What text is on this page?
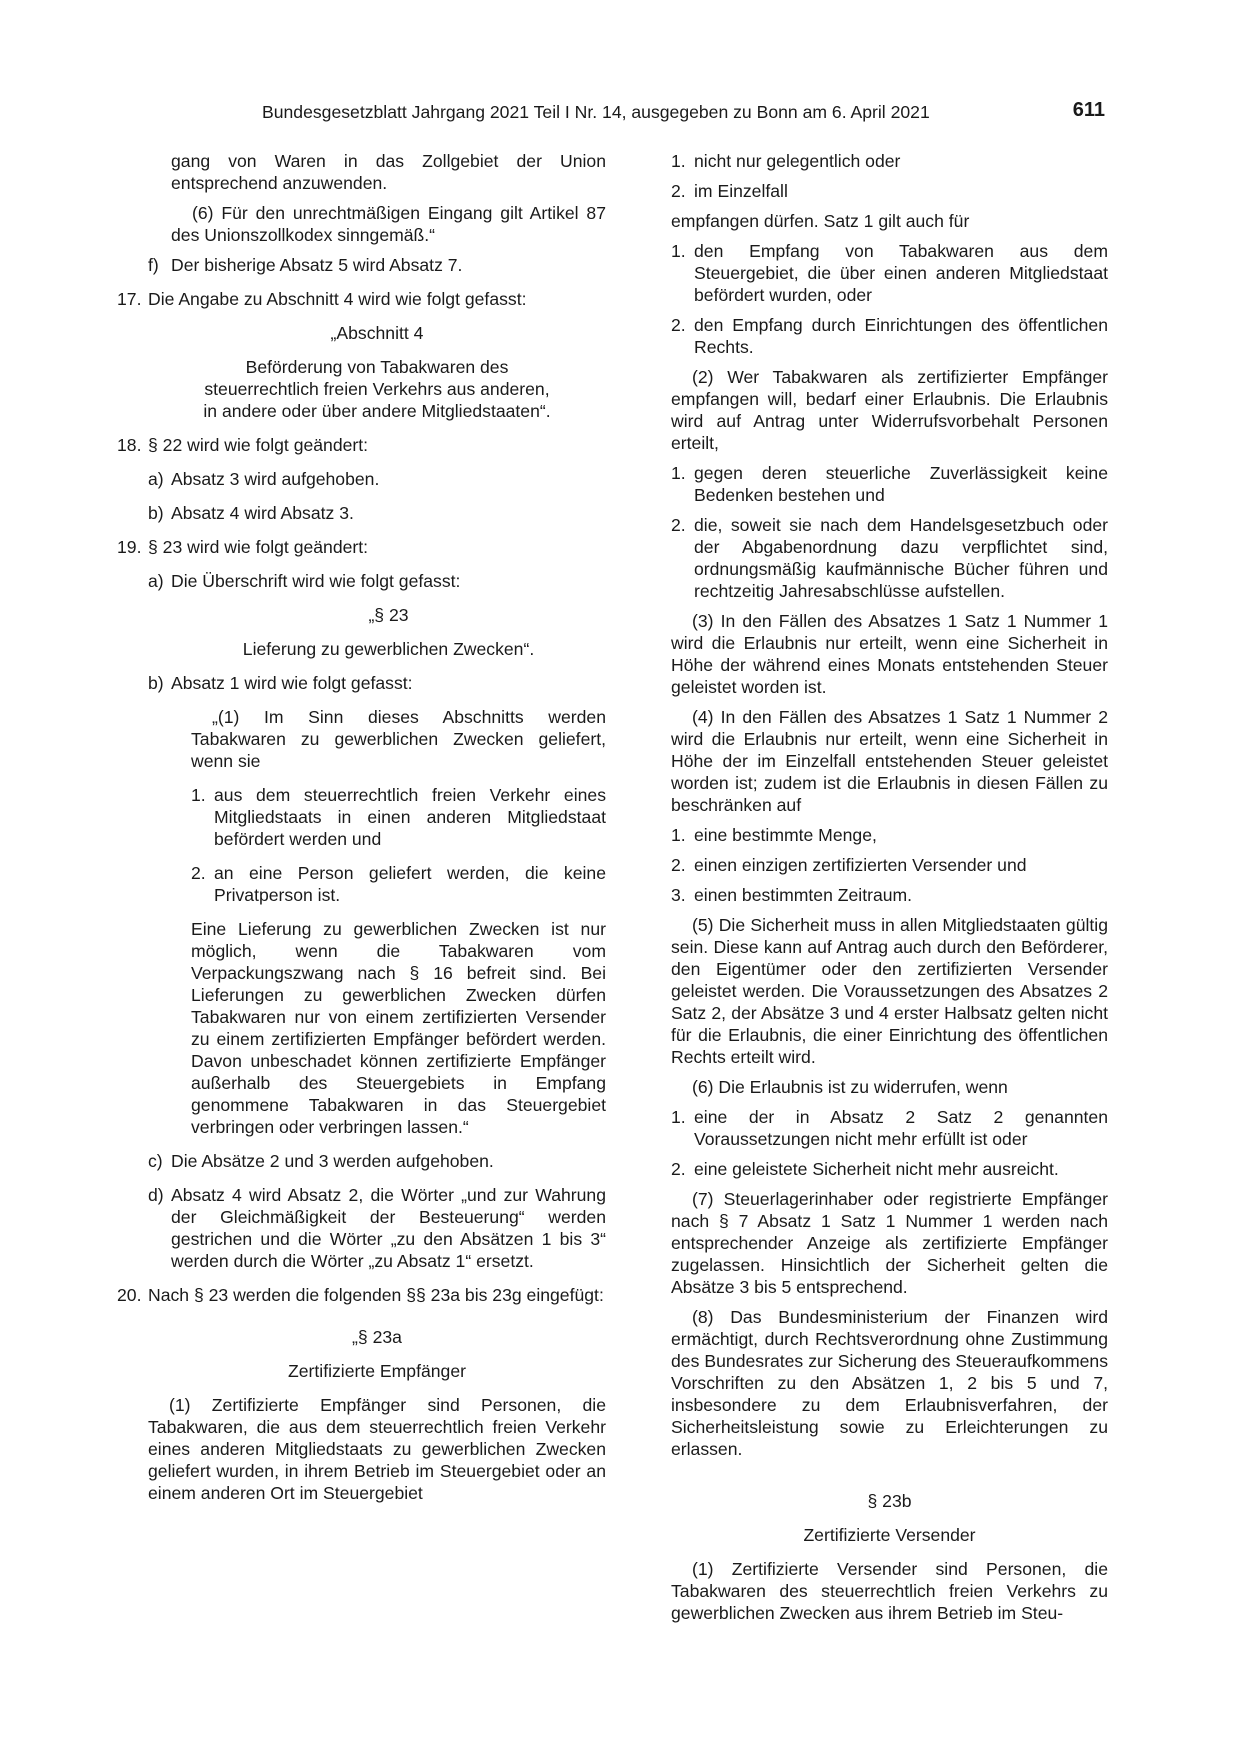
Bundesgesetzblatt Jahrgang 2021 Teil I Nr. 14, ausgegeben zu Bonn am 6. April 2021	611

gang von Waren in das Zollgebiet der Union entsprechend anzuwenden.

(6) Für den unrechtmäßigen Eingang gilt Artikel 87 des Unionszollkodex sinngemäß.“

f) Der bisherige Absatz 5 wird Absatz 7.

17. Die Angabe zu Abschnitt 4 wird wie folgt gefasst:

„Abschnitt 4

Beförderung von Tabakwaren des

steuerrechtlich freien Verkehrs aus anderen,

in andere oder über andere Mitgliedstaaten“.

18. § 22 wird wie folgt geändert:

a) Absatz 3 wird aufgehoben.

b) Absatz 4 wird Absatz 3.

19. § 23 wird wie folgt geändert:

a) Die Überschrift wird wie folgt gefasst:

„§ 23

Lieferung zu gewerblichen Zwecken“.

b) Absatz 1 wird wie folgt gefasst:

„(1) Im Sinn dieses Abschnitts werden Tabakwaren zu gewerblichen Zwecken geliefert, wenn sie

1. aus dem steuerrechtlich freien Verkehr eines Mitgliedstaats in einen anderen Mitgliedstaat befördert werden und

2. an eine Person geliefert werden, die keine Privatperson ist.

Eine Lieferung zu gewerblichen Zwecken ist nur möglich, wenn die Tabakwaren vom Verpackungszwang nach § 16 befreit sind. Bei Lieferungen zu gewerblichen Zwecken dürfen Tabakwaren nur von einem zertifizierten Versender zu einem zertifizierten Empfänger befördert werden. Davon unbeschadet können zertifizierte Empfänger außerhalb des Steuergebiets in Empfang genommene Tabakwaren in das Steuergebiet verbringen oder verbringen lassen.“

c) Die Absätze 2 und 3 werden aufgehoben.

d) Absatz 4 wird Absatz 2, die Wörter „und zur Wahrung der Gleichmäßigkeit der Besteuerung“ werden gestrichen und die Wörter „zu den Absätzen 1 bis 3“ werden durch die Wörter „zu Absatz 1“ ersetzt.

20. Nach § 23 werden die folgenden §§ 23a bis 23g eingefügt:

„§ 23a

Zertifizierte Empfänger

(1) Zertifizierte Empfänger sind Personen, die Tabakwaren, die aus dem steuerrechtlich freien Verkehr eines anderen Mitgliedstaats zu gewerblichen Zwecken geliefert wurden, in ihrem Betrieb im Steuergebiet oder an einem anderen Ort im Steuergebiet

1. nicht nur gelegentlich oder

2. im Einzelfall

empfangen dürfen. Satz 1 gilt auch für

1. den Empfang von Tabakwaren aus dem Steuergebiet, die über einen anderen Mitgliedstaat befördert wurden, oder

2. den Empfang durch Einrichtungen des öffentlichen Rechts.

(2) Wer Tabakwaren als zertifizierter Empfänger empfangen will, bedarf einer Erlaubnis. Die Erlaubnis wird auf Antrag unter Widerrufsvorbehalt Personen erteilt,

1. gegen deren steuerliche Zuverlässigkeit keine Bedenken bestehen und

2. die, soweit sie nach dem Handelsgesetzbuch oder der Abgabenordnung dazu verpflichtet sind, ordnungsmäßig kaufmännische Bücher führen und rechtzeitig Jahresabschlüsse aufstellen.

(3) In den Fällen des Absatzes 1 Satz 1 Nummer 1 wird die Erlaubnis nur erteilt, wenn eine Sicherheit in Höhe der während eines Monats entstehenden Steuer geleistet worden ist.

(4) In den Fällen des Absatzes 1 Satz 1 Nummer 2 wird die Erlaubnis nur erteilt, wenn eine Sicherheit in Höhe der im Einzelfall entstehenden Steuer geleistet worden ist; zudem ist die Erlaubnis in diesen Fällen zu beschränken auf

1. eine bestimmte Menge,

2. einen einzigen zertifizierten Versender und

3. einen bestimmten Zeitraum.

(5) Die Sicherheit muss in allen Mitgliedstaaten gültig sein. Diese kann auf Antrag auch durch den Beförderer, den Eigentümer oder den zertifizierten Versender geleistet werden. Die Voraussetzungen des Absatzes 2 Satz 2, der Absätze 3 und 4 erster Halbsatz gelten nicht für die Erlaubnis, die einer Einrichtung des öffentlichen Rechts erteilt wird.

(6) Die Erlaubnis ist zu widerrufen, wenn

1. eine der in Absatz 2 Satz 2 genannten Voraussetzungen nicht mehr erfüllt ist oder

2. eine geleistete Sicherheit nicht mehr ausreicht.

(7) Steuerlagerinhaber oder registrierte Empfänger nach § 7 Absatz 1 Satz 1 Nummer 1 werden nach entsprechender Anzeige als zertifizierte Empfänger zugelassen. Hinsichtlich der Sicherheit gelten die Absätze 3 bis 5 entsprechend.

(8) Das Bundesministerium der Finanzen wird ermächtigt, durch Rechtsverordnung ohne Zustimmung des Bundesrates zur Sicherung des Steueraufkommens Vorschriften zu den Absätzen 1, 2 bis 5 und 7, insbesondere zu dem Erlaubnisverfahren, der Sicherheitsleistung sowie zu Erleichterungen zu erlassen.

§ 23b

Zertifizierte Versender

(1) Zertifizierte Versender sind Personen, die Tabakwaren des steuerrechtlich freien Verkehrs zu gewerblichen Zwecken aus ihrem Betrieb im Steu-
